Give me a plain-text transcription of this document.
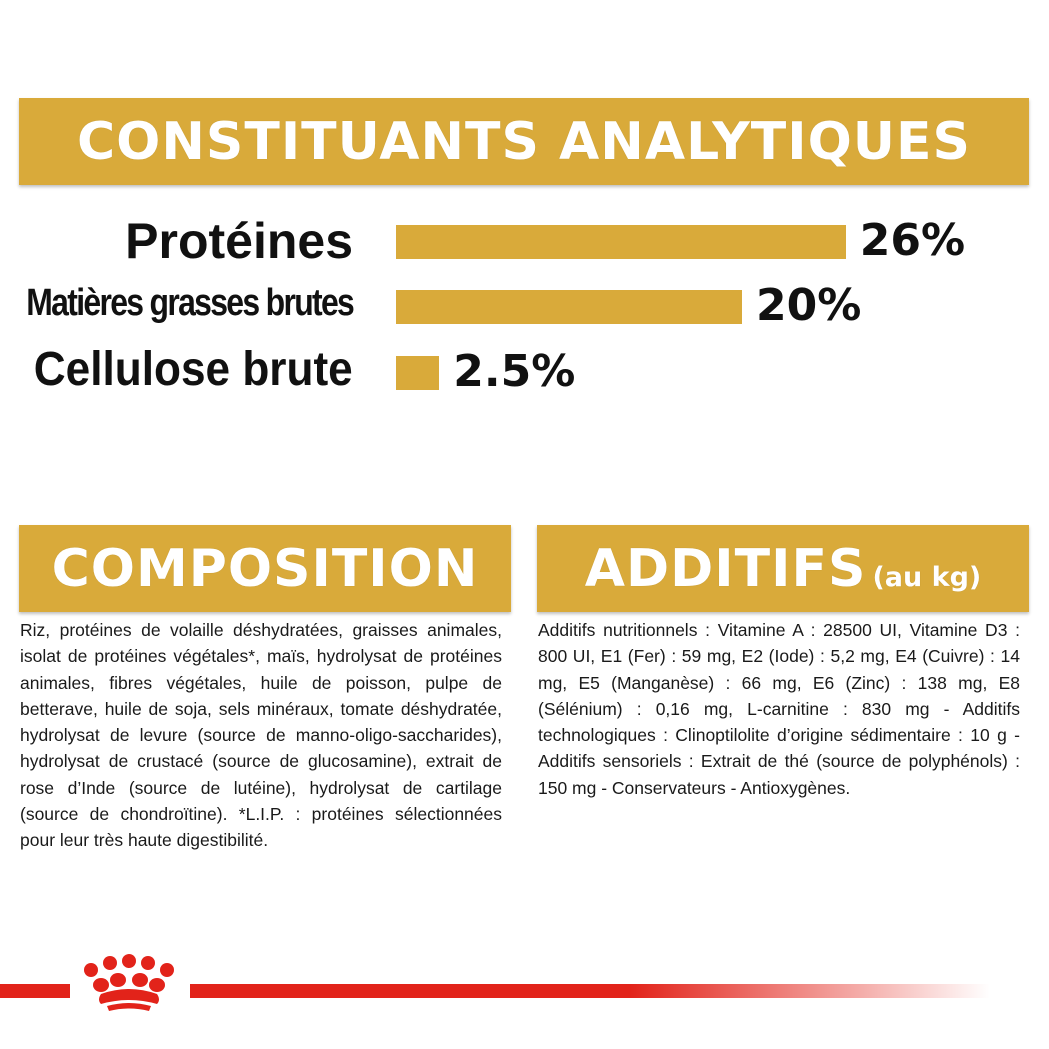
CONSTITUANTS ANALYTIQUES
Protéines	26%
Matières grasses brutes	20%
Cellulose brute 2.5%
COMPOSITION	ADDITIFS (au kg)
Riz, protéines de volaille déshydratées, graisses animales, isolat de protéines végétales*, maïs, hydrolysat de protéines animales, fibres végétales, huile de poisson, pulpe de betterave, huile de soja, sels minéraux, tomate déshydratée, hydrolysat de levure (source de manno-oligo-saccharides), hydrolysat de crustacé (source de glucosamine), extrait de rose d’Inde (source de lutéine), hydrolysat de cartilage (source de chondroïtine). *L.I.P. : protéines sélectionnées pour leur très haute digestibilité.
Additifs nutritionnels : Vitamine A : 28500 UI, Vitamine D3 : 800 UI, E1 (Fer) : 59 mg, E2 (Iode) : 5,2 mg, E4 (Cuivre) : 14 mg, E5 (Manganèse) : 66 mg, E6 (Zinc) : 138 mg, E8 (Sélénium) : 0,16 mg, L-carnitine : 830 mg - Additifs technologiques : Clinoptilolite d’origine sédimentaire : 10 g - Additifs sensoriels : Extrait de thé (source de polyphénols) : 150 mg - Conservateurs - Antioxygènes.
